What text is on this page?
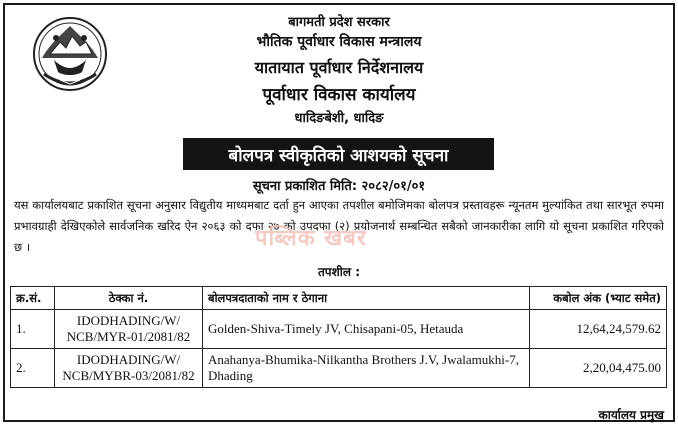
बागमती प्रदेश सरकार
भौतिक पूर्वाधार विकास मन्त्रालय
यातायात पूर्वाधार निर्देशनालय
पूर्वाधार विकास कार्यालय
धादिङबेशी, धादिङ
बोलपत्र स्वीकृतिको आशयको सूचना
सूचना प्रकाशित मिति: २०८२/०१/०१
यस कार्यालयबाट प्रकाशित सूचना अनुसार विद्युतीय माध्यमबाट दर्ता हुन आएका तपशील बमोजिमका बोलपत्र प्रस्तावहरू न्यूनतम मुल्यांकित तथा सारभूत रुपमा प्रभावग्राही देखिएकोले सार्वजनिक खरिद ऐन २०६३ को दफा २७ को उपदफा (२) प्रयोजनार्थ सम्बन्धित सबैको जानकारीका लागि यो सूचना प्रकाशित गरिएको छ ।	पब्लिक खबर
तपशील :
क्र.सं.	ठेक्का नं.	बोलपत्रदाताको नाम र ठेगाना	कबोल अंक (भ्याट समेत)
1.	IDODHADING/W/ NCB/MYR-01/2081/82	Golden-Shiva-Timely JV, Chisapani-05, Hetauda	12,64,24,579.62
2.	IDODHADING/W/ NCB/MYBR-03/2081/82	Anahanya-Bhumika-Nilkantha Brothers J.V, Jwalamukhi-7, Dhading	2,20,04,475.00
कार्यालय प्रमुख
